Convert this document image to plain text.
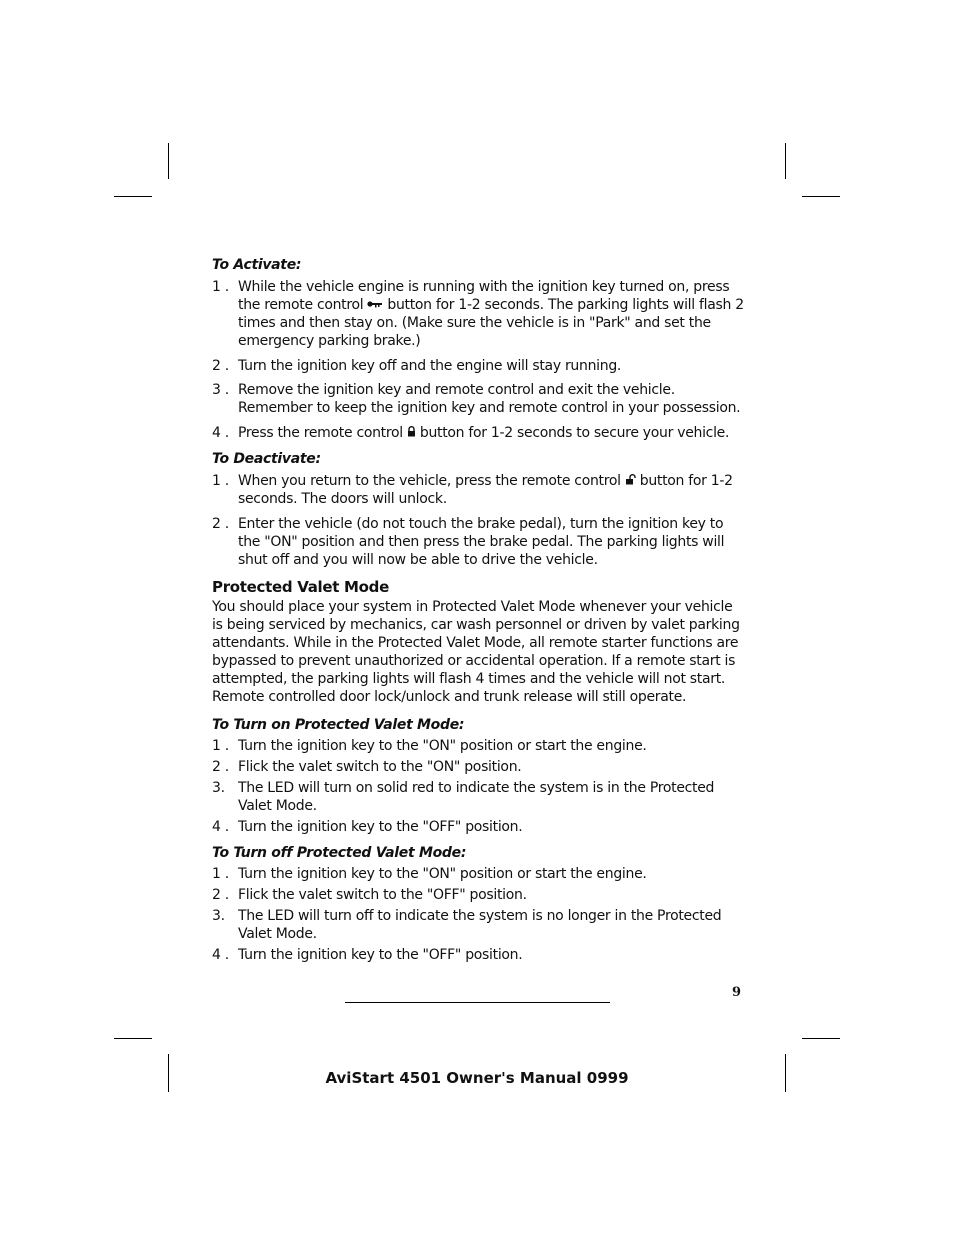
To Activate:

1 . While the vehicle engine is running with the ignition key turned on, press the remote control button for 1-2 seconds. The parking lights will flash 2 times and then stay on. (Make sure the vehicle is in "Park" and set the emergency parking brake.)
2 . Turn the ignition key off and the engine will stay running.
3 . Remove the ignition key and remote control and exit the vehicle. Remember to keep the ignition key and remote control in your possession.
4 . Press the remote control button for 1-2 seconds to secure your vehicle.

To Deactivate:

1 . When you return to the vehicle, press the remote control button for 1-2 seconds. The doors will unlock.
2 . Enter the vehicle (do not touch the brake pedal), turn the ignition key to the "ON" position and then press the brake pedal. The parking lights will shut off and you will now be able to drive the vehicle.

Protected Valet Mode

You should place your system in Protected Valet Mode whenever your vehicle is being serviced by mechanics, car wash personnel or driven by valet parking attendants. While in the Protected Valet Mode, all remote starter functions are bypassed to prevent unauthorized or accidental operation. If a remote start is attempted, the parking lights will flash 4 times and the vehicle will not start. Remote controlled door lock/unlock and trunk release will still operate.

To Turn on Protected Valet Mode:

1 . Turn the ignition key to the "ON" position or start the engine.
2 . Flick the valet switch to the "ON" position.
3. The LED will turn on solid red to indicate the system is in the Protected Valet Mode.
4 . Turn the ignition key to the "OFF" position.

To Turn off Protected Valet Mode:

1 . Turn the ignition key to the "ON" position or start the engine.
2 . Flick the valet switch to the "OFF" position.
3. The LED will turn off to indicate the system is no longer in the Protected Valet Mode.
4 . Turn the ignition key to the "OFF" position.
9
AviStart 4501 Owner's Manual 0999
